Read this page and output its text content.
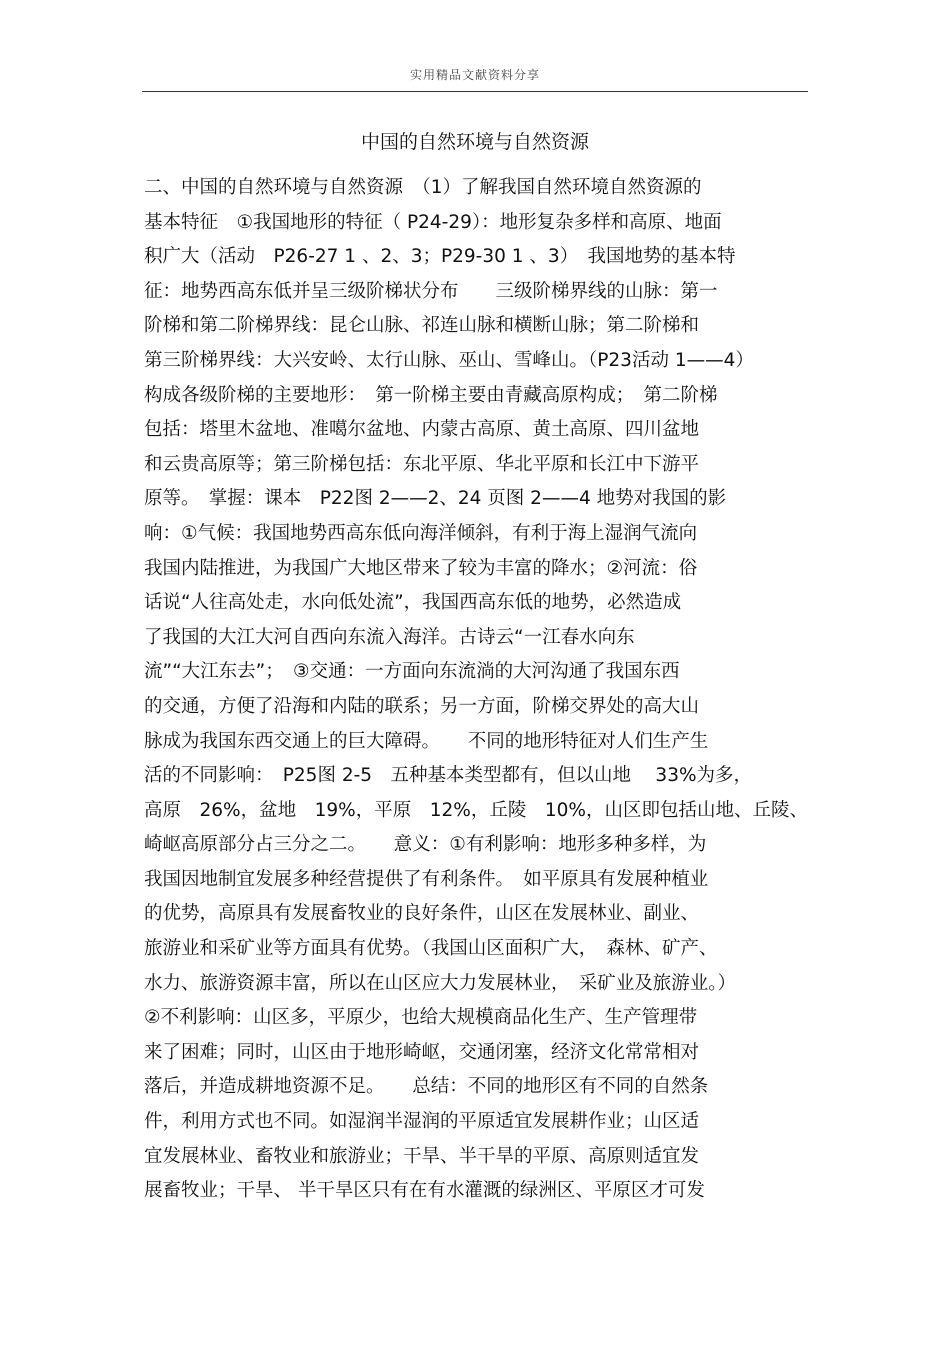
实用精品文献资料分享
中国的自然环境与自然资源
二、中国的自然环境与自然资源　（1）了解我国自然环境自然资源的
基本特征　①我国地形的特征（ P24-29）：地形复杂多样和高原、地面
积广大（活动　P26-27 1 、2、3；P29-30 1 、3）　我国地势的基本特
征：地势西高东低并呈三级阶梯状分布　　三级阶梯界线的山脉：第一
阶梯和第二阶梯界线：昆仑山脉、祁连山脉和横断山脉；第二阶梯和
第三阶梯界线：大兴安岭、太行山脉、巫山、雪峰山。（P23活动 1——4）
构成各级阶梯的主要地形：　第一阶梯主要由青藏高原构成；　第二阶梯
包括：塔里木盆地、准噶尔盆地、内蒙古高原、黄土高原、四川盆地
和云贵高原等；第三阶梯包括：东北平原、华北平原和长江中下游平
原等。　掌握：课本　P22图 2——2、24 页图 2——4 地势对我国的影
响：①气候：我国地势西高东低向海洋倾斜，有利于海上湿润气流向
我国内陆推进，为我国广大地区带来了较为丰富的降水；②河流：俗
话说“人往高处走，水向低处流”，我国西高东低的地势，必然造成
了我国的大江大河自西向东流入海洋。古诗云“一江春水向东
流”“大江东去”；　③交通：一方面向东流淌的大河沟通了我国东西
的交通，方便了沿海和内陆的联系；另一方面，阶梯交界处的高大山
脉成为我国东西交通上的巨大障碍。　　不同的地形特征对人们生产生
活的不同影响：　P25图 2-5　五种基本类型都有，但以山地　 33%为多，
高原　26%，盆地　19%，平原　12%，丘陵　10%，山区即包括山地、丘陵、
崎岖高原部分占三分之二。　　意义：①有利影响：地形多种多样，为
我国因地制宜发展多种经营提供了有利条件。　如平原具有发展种植业
的优势，高原具有发展畜牧业的良好条件，山区在发展林业、副业、
旅游业和采矿业等方面具有优势。（我国山区面积广大，　森林、矿产、
水力、旅游资源丰富，所以在山区应大力发展林业，　采矿业及旅游业。）
②不利影响：山区多，平原少，也给大规模商品化生产、生产管理带
来了困难；同时，山区由于地形崎岖，交通闭塞，经济文化常常相对
落后，并造成耕地资源不足。　　总结：不同的地形区有不同的自然条
件，利用方式也不同。如湿润半湿润的平原适宜发展耕作业；山区适
宜发展林业、畜牧业和旅游业；干旱、半干旱的平原、高原则适宜发
展畜牧业；干旱、 半干旱区只有在有水灌溉的绿洲区、平原区才可发
